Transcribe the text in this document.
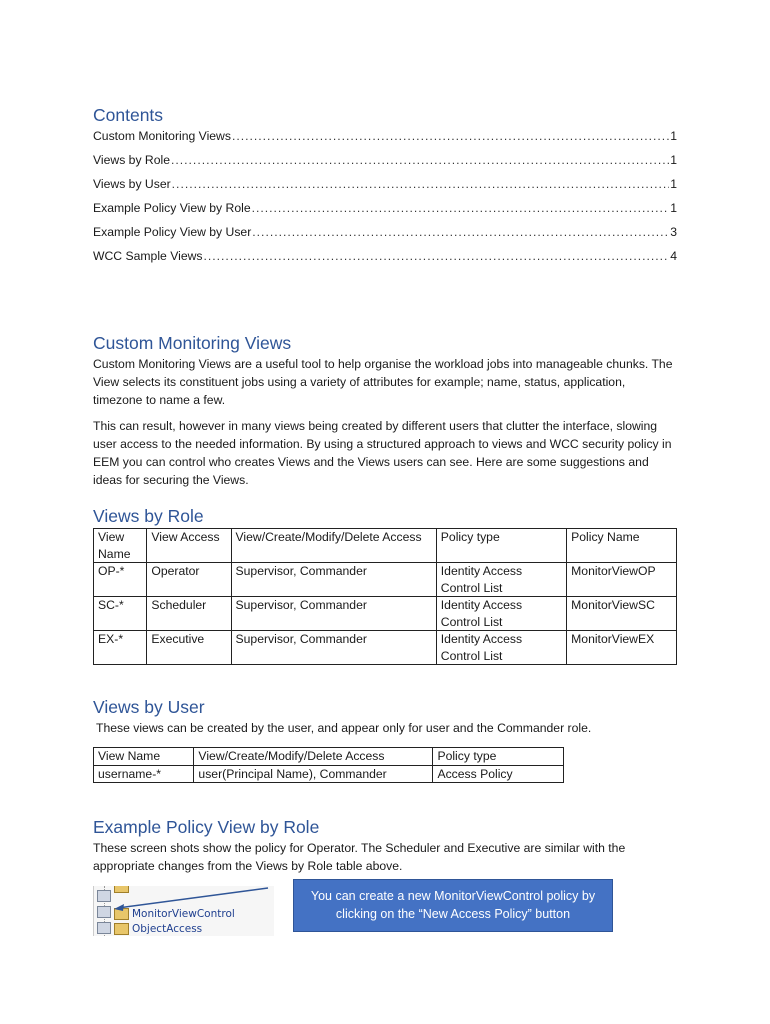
Contents
Custom Monitoring Views .....	1
Views by Role .....	1
Views by User .....	1
Example Policy View by Role .....	1
Example Policy View by User .....	3
WCC Sample Views .....	4
Custom Monitoring Views

Custom Monitoring Views are a useful tool to help organise the workload jobs into manageable chunks. The View selects its constituent jobs using a variety of attributes for example; name, status, application, timezone to name a few.

This can result, however in many views being created by different users that clutter the interface, slowing user access to the needed information. By using a structured approach to views and WCC security policy in EEM you can control who creates Views and the Views users can see. Here are some suggestions and ideas for securing the Views.

Views by Role
View Name	View Access	View/Create/Modify/Delete Access	Policy type	Policy Name
OP-*	Operator	Supervisor, Commander	Identity Access Control List	MonitorViewOP
SC-*	Scheduler	Supervisor, Commander	Identity Access Control List	MonitorViewSC
EX-*	Executive	Supervisor, Commander	Identity Access Control List	MonitorViewEX
Views by User

These views can be created by the user, and appear only for user and the Commander role.

View Name	View/Create/Modify/Delete Access	Policy type
username-*	user(Principal Name), Commander	Access Policy
Example Policy View by Role

These screen shots show the policy for Operator. The Scheduler and Executive are similar with the appropriate changes from the Views by Role table above.

MonitorViewControl
ObjectAccess
You can create a new MonitorViewControl policy by clicking on the “New Access Policy” button
